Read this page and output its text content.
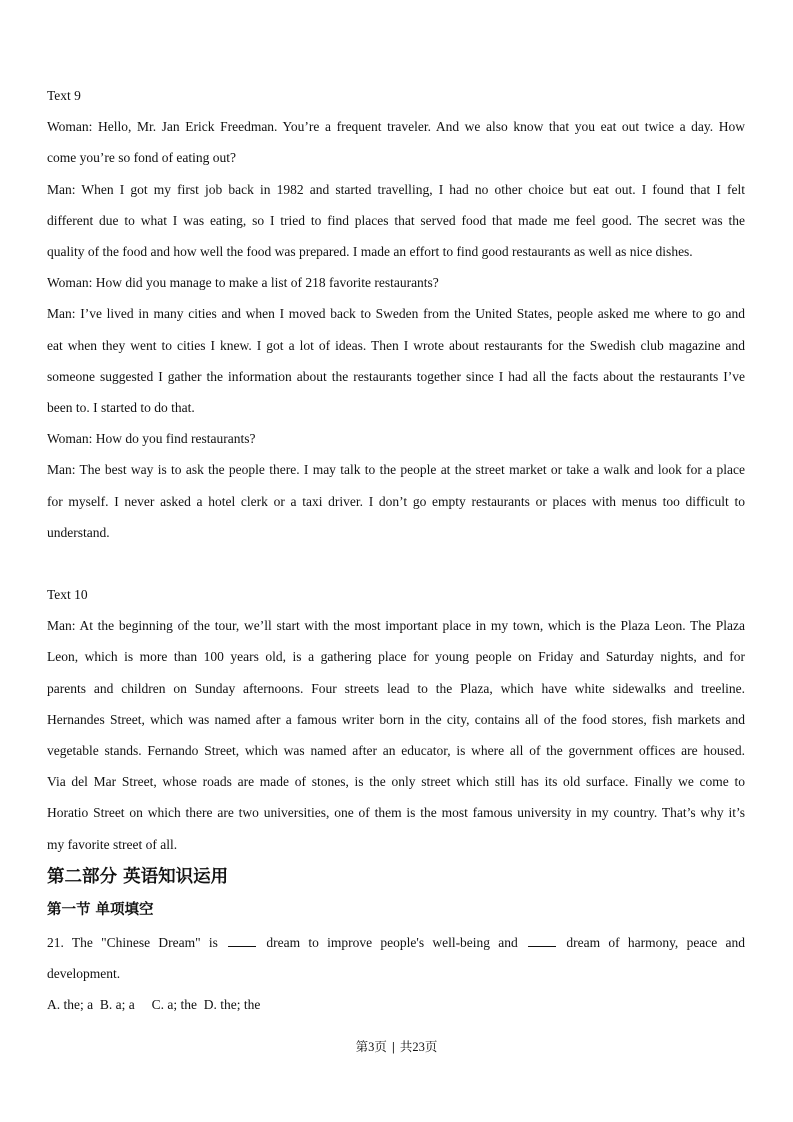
Text 9
Woman: Hello, Mr. Jan Erick Freedman. You’re a frequent traveler. And we also know that you eat out twice a day. How
come you’re so fond of eating out?
Man: When I got my first job back in 1982 and started travelling, I had no other choice but eat out. I found that I felt
different due to what I was eating, so I tried to find places that served food that made me feel good. The secret was the
quality of the food and how well the food was prepared. I made an effort to find good restaurants as well as nice dishes.
Woman: How did you manage to make a list of 218 favorite restaurants?
Man: I’ve lived in many cities and when I moved back to Sweden from the United States, people asked me where to go and
eat when they went to cities I knew. I got a lot of ideas. Then I wrote about restaurants for the Swedish club magazine and
someone suggested I gather the information about the restaurants together since I had all the facts about the restaurants I’ve
been to. I started to do that.
Woman: How do you find restaurants?
Man: The best way is to ask the people there. I may talk to the people at the street market or take a walk and look for a place
for myself. I never asked a hotel clerk or a taxi driver. I don’t go empty restaurants or places with menus too difficult to
understand.
Text 10
Man: At the beginning of the tour, we’ll start with the most important place in my town, which is the Plaza Leon. The Plaza
Leon, which is more than 100 years old, is a gathering place for young people on Friday and Saturday nights, and for
parents and children on Sunday afternoons. Four streets lead to the Plaza, which have white sidewalks and treeline.
Hernandes Street, which was named after a famous writer born in the city, contains all of the food stores, fish markets and
vegetable stands. Fernando Street, which was named after an educator, is where all of the government offices are housed.
Via del Mar Street, whose roads are made of stones, is the only street which still has its old surface. Finally we come to
Horatio Street on which there are two universities, one of them is the most famous university in my country. That’s why it’s
my favorite street of all.
第二部分 英语知识运用
第一节 单项填空
21. The "Chinese Dream" is	dream to improve people's well-being and	dream of harmony, peace and
development.
A. the; a  B. a; a     C. a; the  D. the; the
第3页 | 共23页
